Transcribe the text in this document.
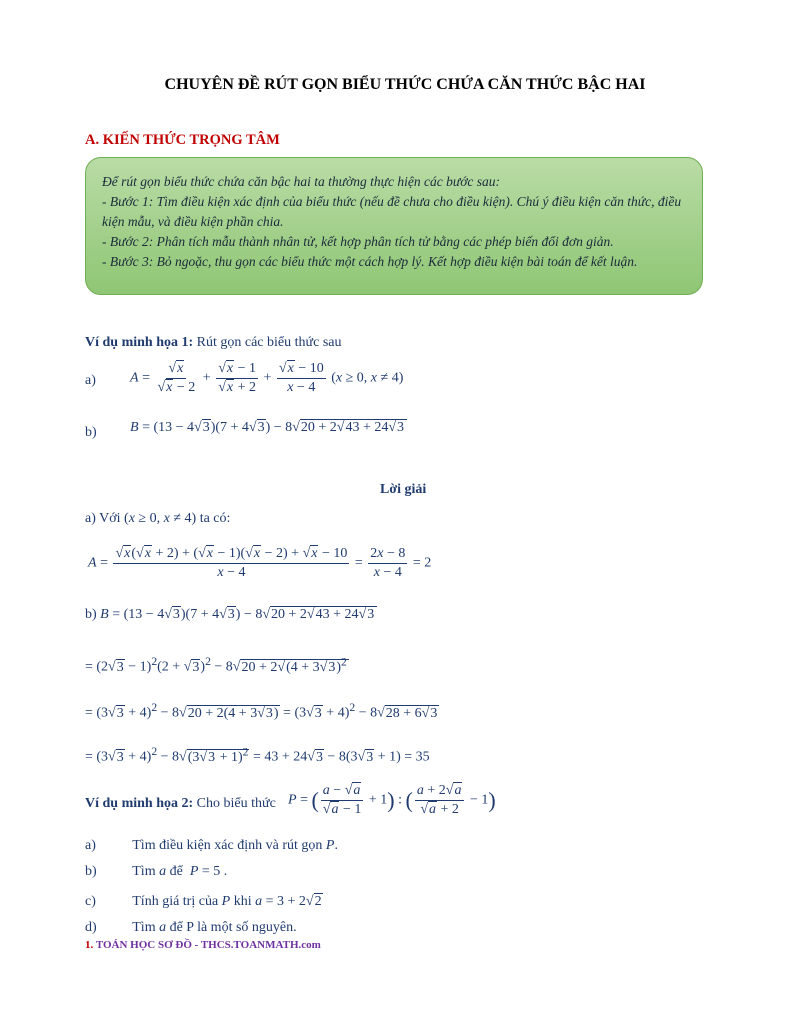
CHUYÊN ĐỀ RÚT GỌN BIỂU THỨC CHỨA CĂN THỨC BẬC HAI
A. KIẾN THỨC TRỌNG TÂM

Để rút gọn biểu thức chứa căn bậc hai ta thường thực hiện các bước sau:

- Bước 1: Tìm điều kiện xác định của biểu thức (nếu đề chưa cho điều kiện). Chú ý điều kiện căn thức, điều kiện mẫu, và điều kiện phần chia.

- Bước 2: Phân tích mẫu thành nhân tử, kết hợp phân tích tử bằng các phép biến đổi đơn giản.

- Bước 3: Bỏ ngoặc, thu gọn các biểu thức một cách hợp lý. Kết hợp điều kiện bài toán để kết luận.

Ví dụ minh họa 1: Rút gọn các biểu thức sau
a) $A = \frac{√x}{√x - 2} + \frac{√x - 1}{√x + 2} + \frac{√x - 10}{x - 4} (x \ge 0$, x ≠ 4)
b) B = (13 − 4√3)(7 + 4√3) − 8√20 + 2√43 + 24√3
Lời giải
a) Với (x ≥ 0, x ≠ 4) ta có:
$A = \frac{√x(√x + 2) + (√x - 1)(√x - 2) + √x - 10}{x - 4} = \frac{2x - 8}{x - 4} = 2$
b) B = (13 − 4√3)(7 + 4√3) − 8√20 + 2√43 + 24√3
= $(2√3 - 1)^2(2 + √3)^2 - 8√20 + 2√(4 + 3√3)^2$
= $(3√3 + 4)^2 - 8√20 + 2(4 + 3√3) = (3√3 + 4)^2 - 8√28 + 6√3$
= $(3√3 + 4)^2 - 8√(3√3 + 1)^2 = 43 + 24√3 - 8(3√3 + 1) = 35$
Ví dụ minh họa 2: Cho biểu thức P = ( $\frac{a - √a}{√a - 1} + 1$) : ( $\frac{a + 2√a}{√a + 2} - 1$)
a)	Tìm điều kiện xác định và rút gọn P.
b)	Tìm a để P = 5 .
c)	Tính giá trị của P khi a = 3 + 2√2
d)	Tìm a để P là một số nguyên.
1. TOÁN HỌC SƠ ĐỒ - THCS.TOANMATH.com
